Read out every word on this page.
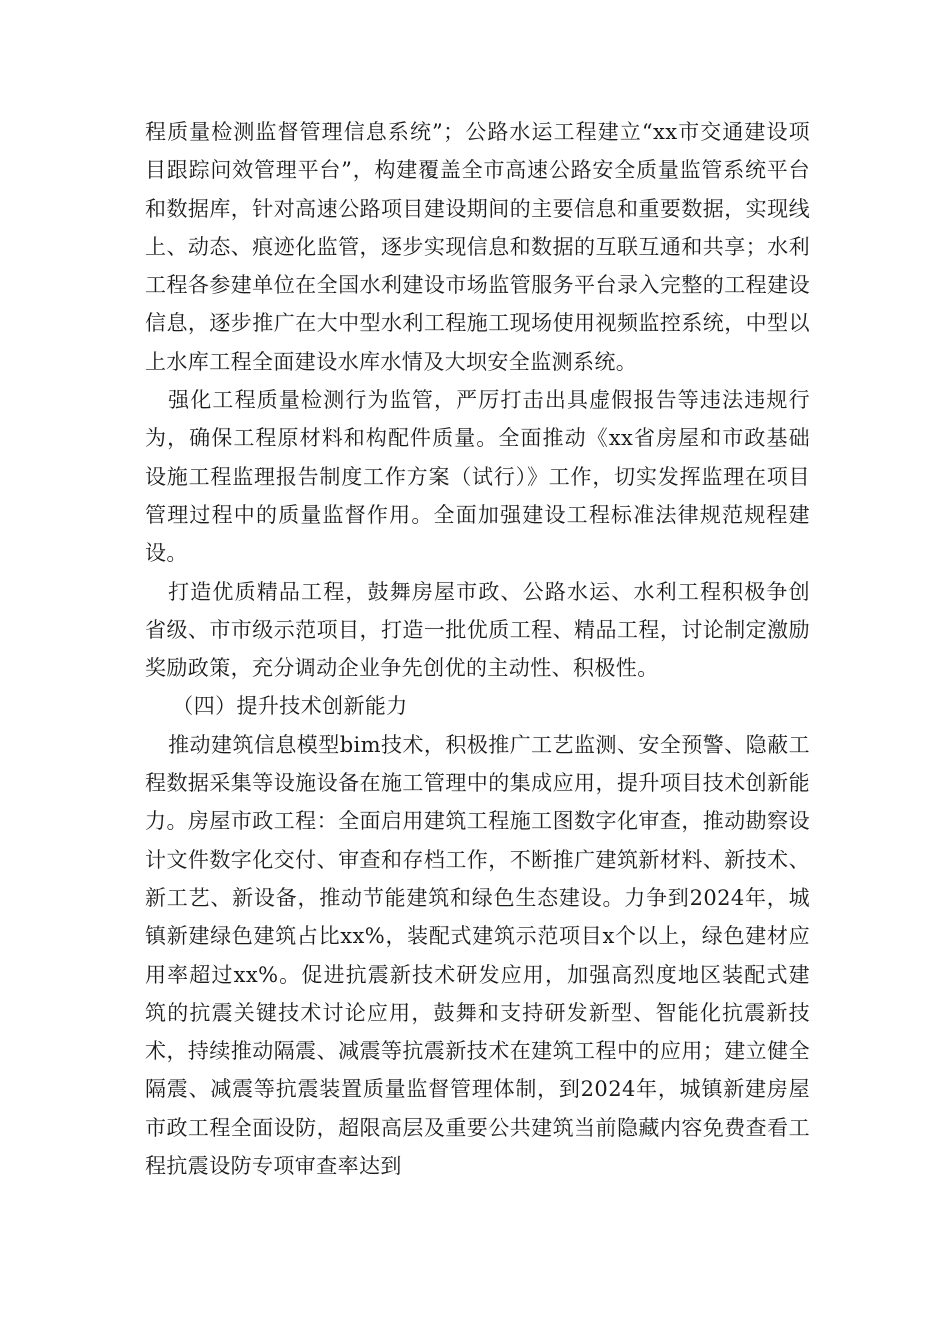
程质量检测监督管理信息系统”；公路水运工程建立“xx市交通建设项目跟踪问效管理平台”，构建覆盖全市高速公路安全质量监管系统平台和数据库，针对高速公路项目建设期间的主要信息和重要数据，实现线上、动态、痕迹化监管，逐步实现信息和数据的互联互通和共享；水利工程各参建单位在全国水利建设市场监管服务平台录入完整的工程建设信息，逐步推广在大中型水利工程施工现场使用视频监控系统，中型以上水库工程全面建设水库水情及大坝安全监测系统。

强化工程质量检测行为监管，严厉打击出具虚假报告等违法违规行为，确保工程原材料和构配件质量。全面推动《xx省房屋和市政基础设施工程监理报告制度工作方案（试行）》工作，切实发挥监理在项目管理过程中的质量监督作用。全面加强建设工程标准法律规范规程建设。

打造优质精品工程，鼓舞房屋市政、公路水运、水利工程积极争创省级、市市级示范项目，打造一批优质工程、精品工程，讨论制定激励奖励政策，充分调动企业争先创优的主动性、积极性。

（四）提升技术创新能力

推动建筑信息模型bim技术，积极推广工艺监测、安全预警、隐蔽工程数据采集等设施设备在施工管理中的集成应用，提升项目技术创新能力。房屋市政工程：全面启用建筑工程施工图数字化审查，推动勘察设计文件数字化交付、审查和存档工作，不断推广建筑新材料、新技术、新工艺、新设备，推动节能建筑和绿色生态建设。力争到2024年，城镇新建绿色建筑占比xx%，装配式建筑示范项目x个以上，绿色建材应用率超过xx%。促进抗震新技术研发应用，加强高烈度地区装配式建筑的抗震关键技术讨论应用，鼓舞和支持研发新型、智能化抗震新技术，持续推动隔震、减震等抗震新技术在建筑工程中的应用；建立健全隔震、减震等抗震装置质量监督管理体制，到2024年，城镇新建房屋市政工程全面设防，超限高层及重要公共建筑当前隐藏内容免费查看工程抗震设防专项审查率达到
